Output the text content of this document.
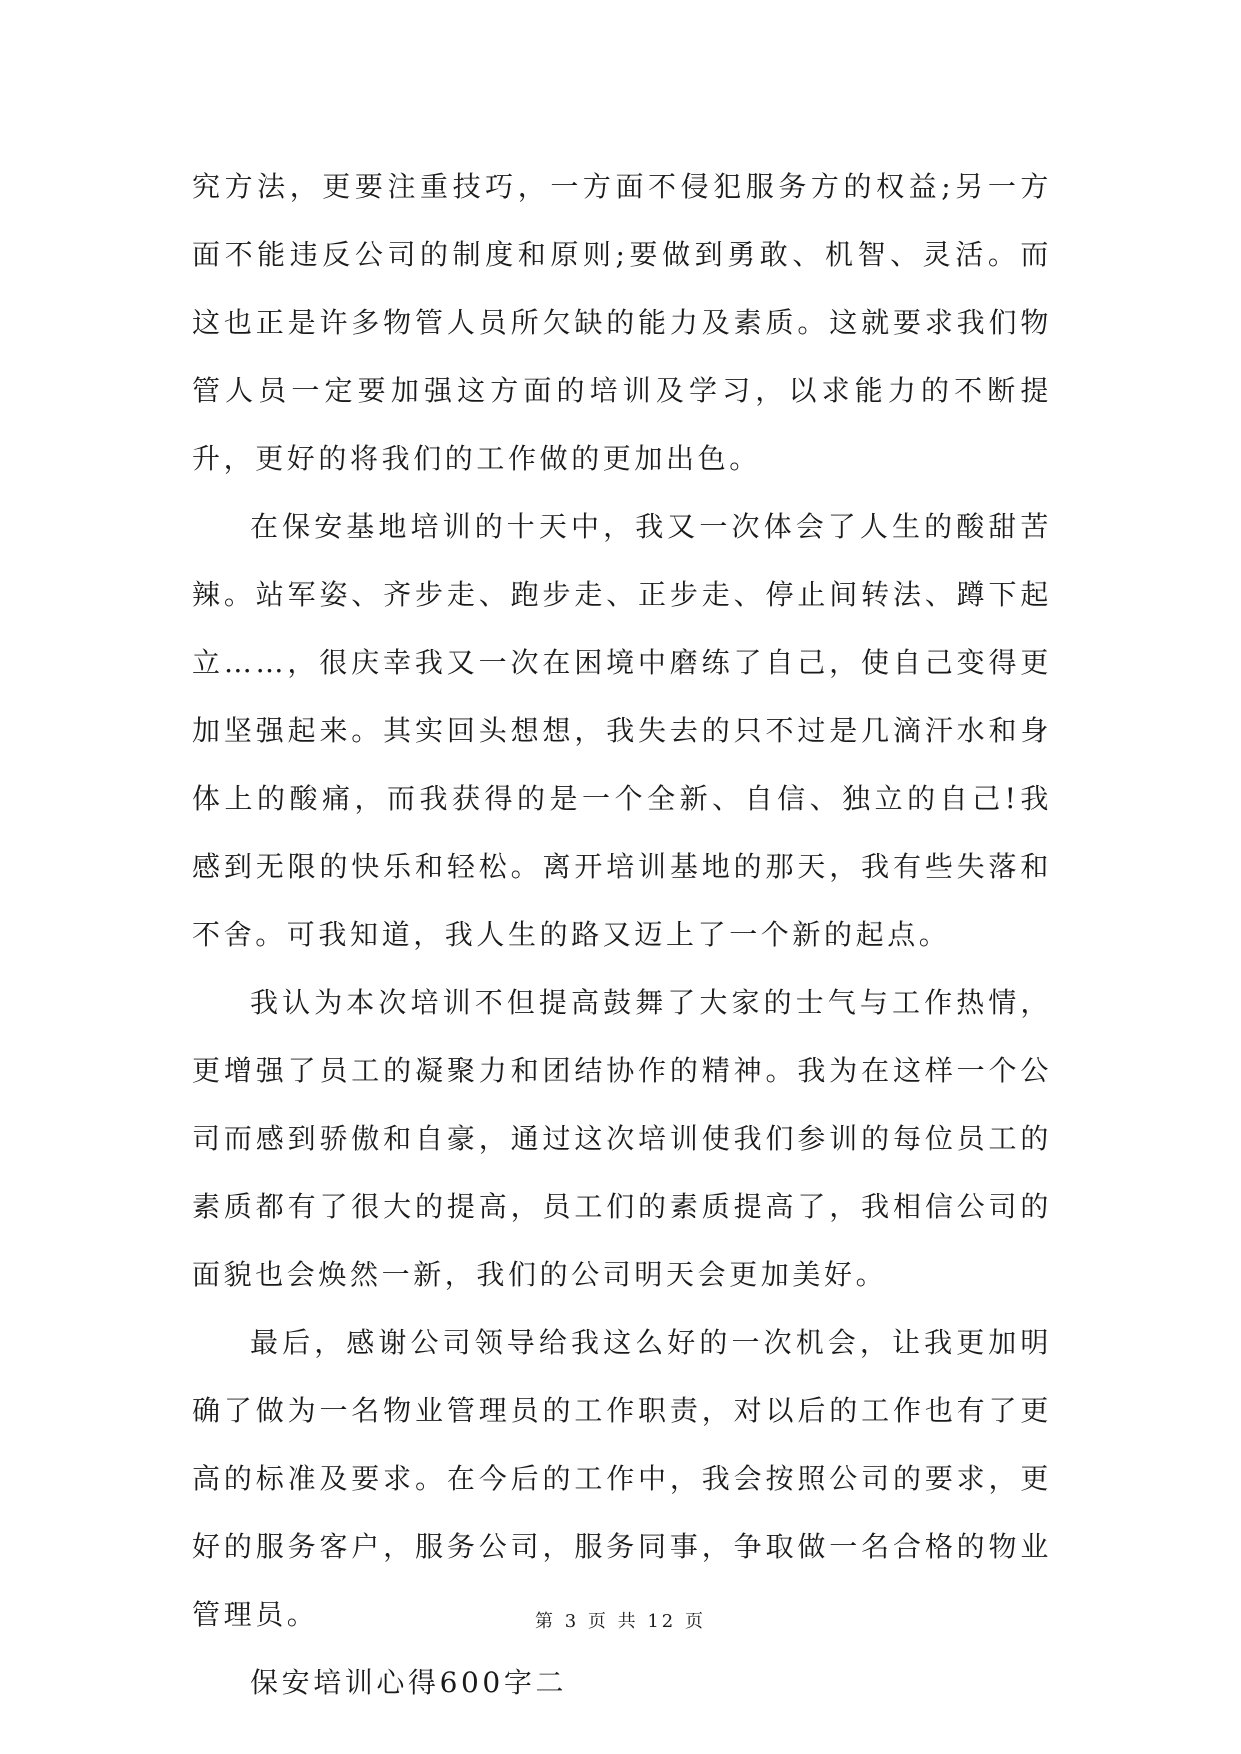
究方法，更要注重技巧，一方面不侵犯服务方的权益;另一方面不能违反公司的制度和原则;要做到勇敢、机智、灵活。而这也正是许多物管人员所欠缺的能力及素质。这就要求我们物管人员一定要加强这方面的培训及学习，以求能力的不断提升，更好的将我们的工作做的更加出色。

在保安基地培训的十天中，我又一次体会了人生的酸甜苦辣。站军姿、齐步走、跑步走、正步走、停止间转法、蹲下起立……，很庆幸我又一次在困境中磨练了自己，使自己变得更加坚强起来。其实回头想想，我失去的只不过是几滴汗水和身体上的酸痛，而我获得的是一个全新、自信、独立的自己!我感到无限的快乐和轻松。离开培训基地的那天，我有些失落和不舍。可我知道，我人生的路又迈上了一个新的起点。

我认为本次培训不但提高鼓舞了大家的士气与工作热情，更增强了员工的凝聚力和团结协作的精神。我为在这样一个公司而感到骄傲和自豪，通过这次培训使我们参训的每位员工的素质都有了很大的提高，员工们的素质提高了，我相信公司的面貌也会焕然一新，我们的公司明天会更加美好。

最后，感谢公司领导给我这么好的一次机会，让我更加明确了做为一名物业管理员的工作职责，对以后的工作也有了更高的标准及要求。在今后的工作中，我会按照公司的要求，更好的服务客户，服务公司，服务同事，争取做一名合格的物业管理员。

保安培训心得600字二

第 3 页 共 12 页
